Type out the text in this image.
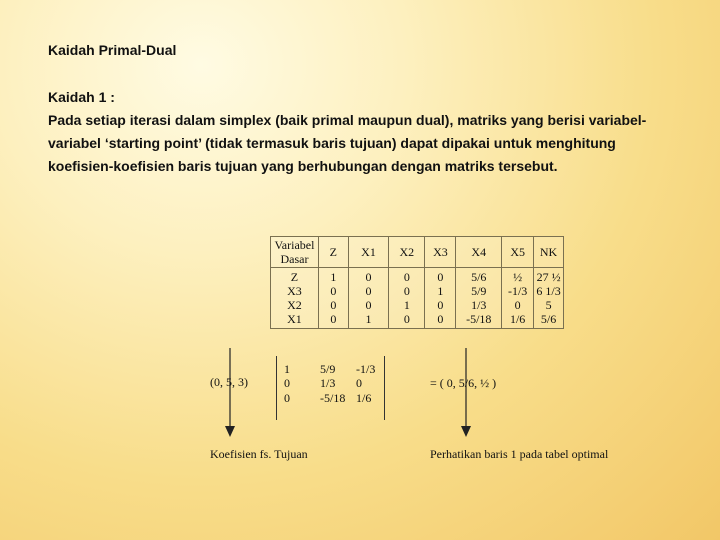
Kaidah Primal-Dual

Kaidah 1 :

Pada setiap iterasi dalam simplex (baik primal maupun dual), matriks yang berisi variabel-variabel ‘starting point’ (tidak termasuk baris tujuan) dapat dipakai untuk menghitung koefisien-koefisien baris tujuan yang berhubungan dengan matriks tersebut.

Variabel Dasar	Z	X1	X2	X3	X4	X5	NK
Z	1	0	0	0	5/6	½	27 ½
X3	0	0	0	1	5/9	-1/3	6 1/3
X2	0	0	1	0	1/3	0	5
X1	0	1	0	0	-5/18	1/6	5/6
(0, 5, 3)
1	5/9 -1/3
0	1/3 0
0	-5/18 1/6
= ( 0, 5/6, ½ )
Koefisien fs. Tujuan	Perhatikan baris 1 pada tabel optimal
